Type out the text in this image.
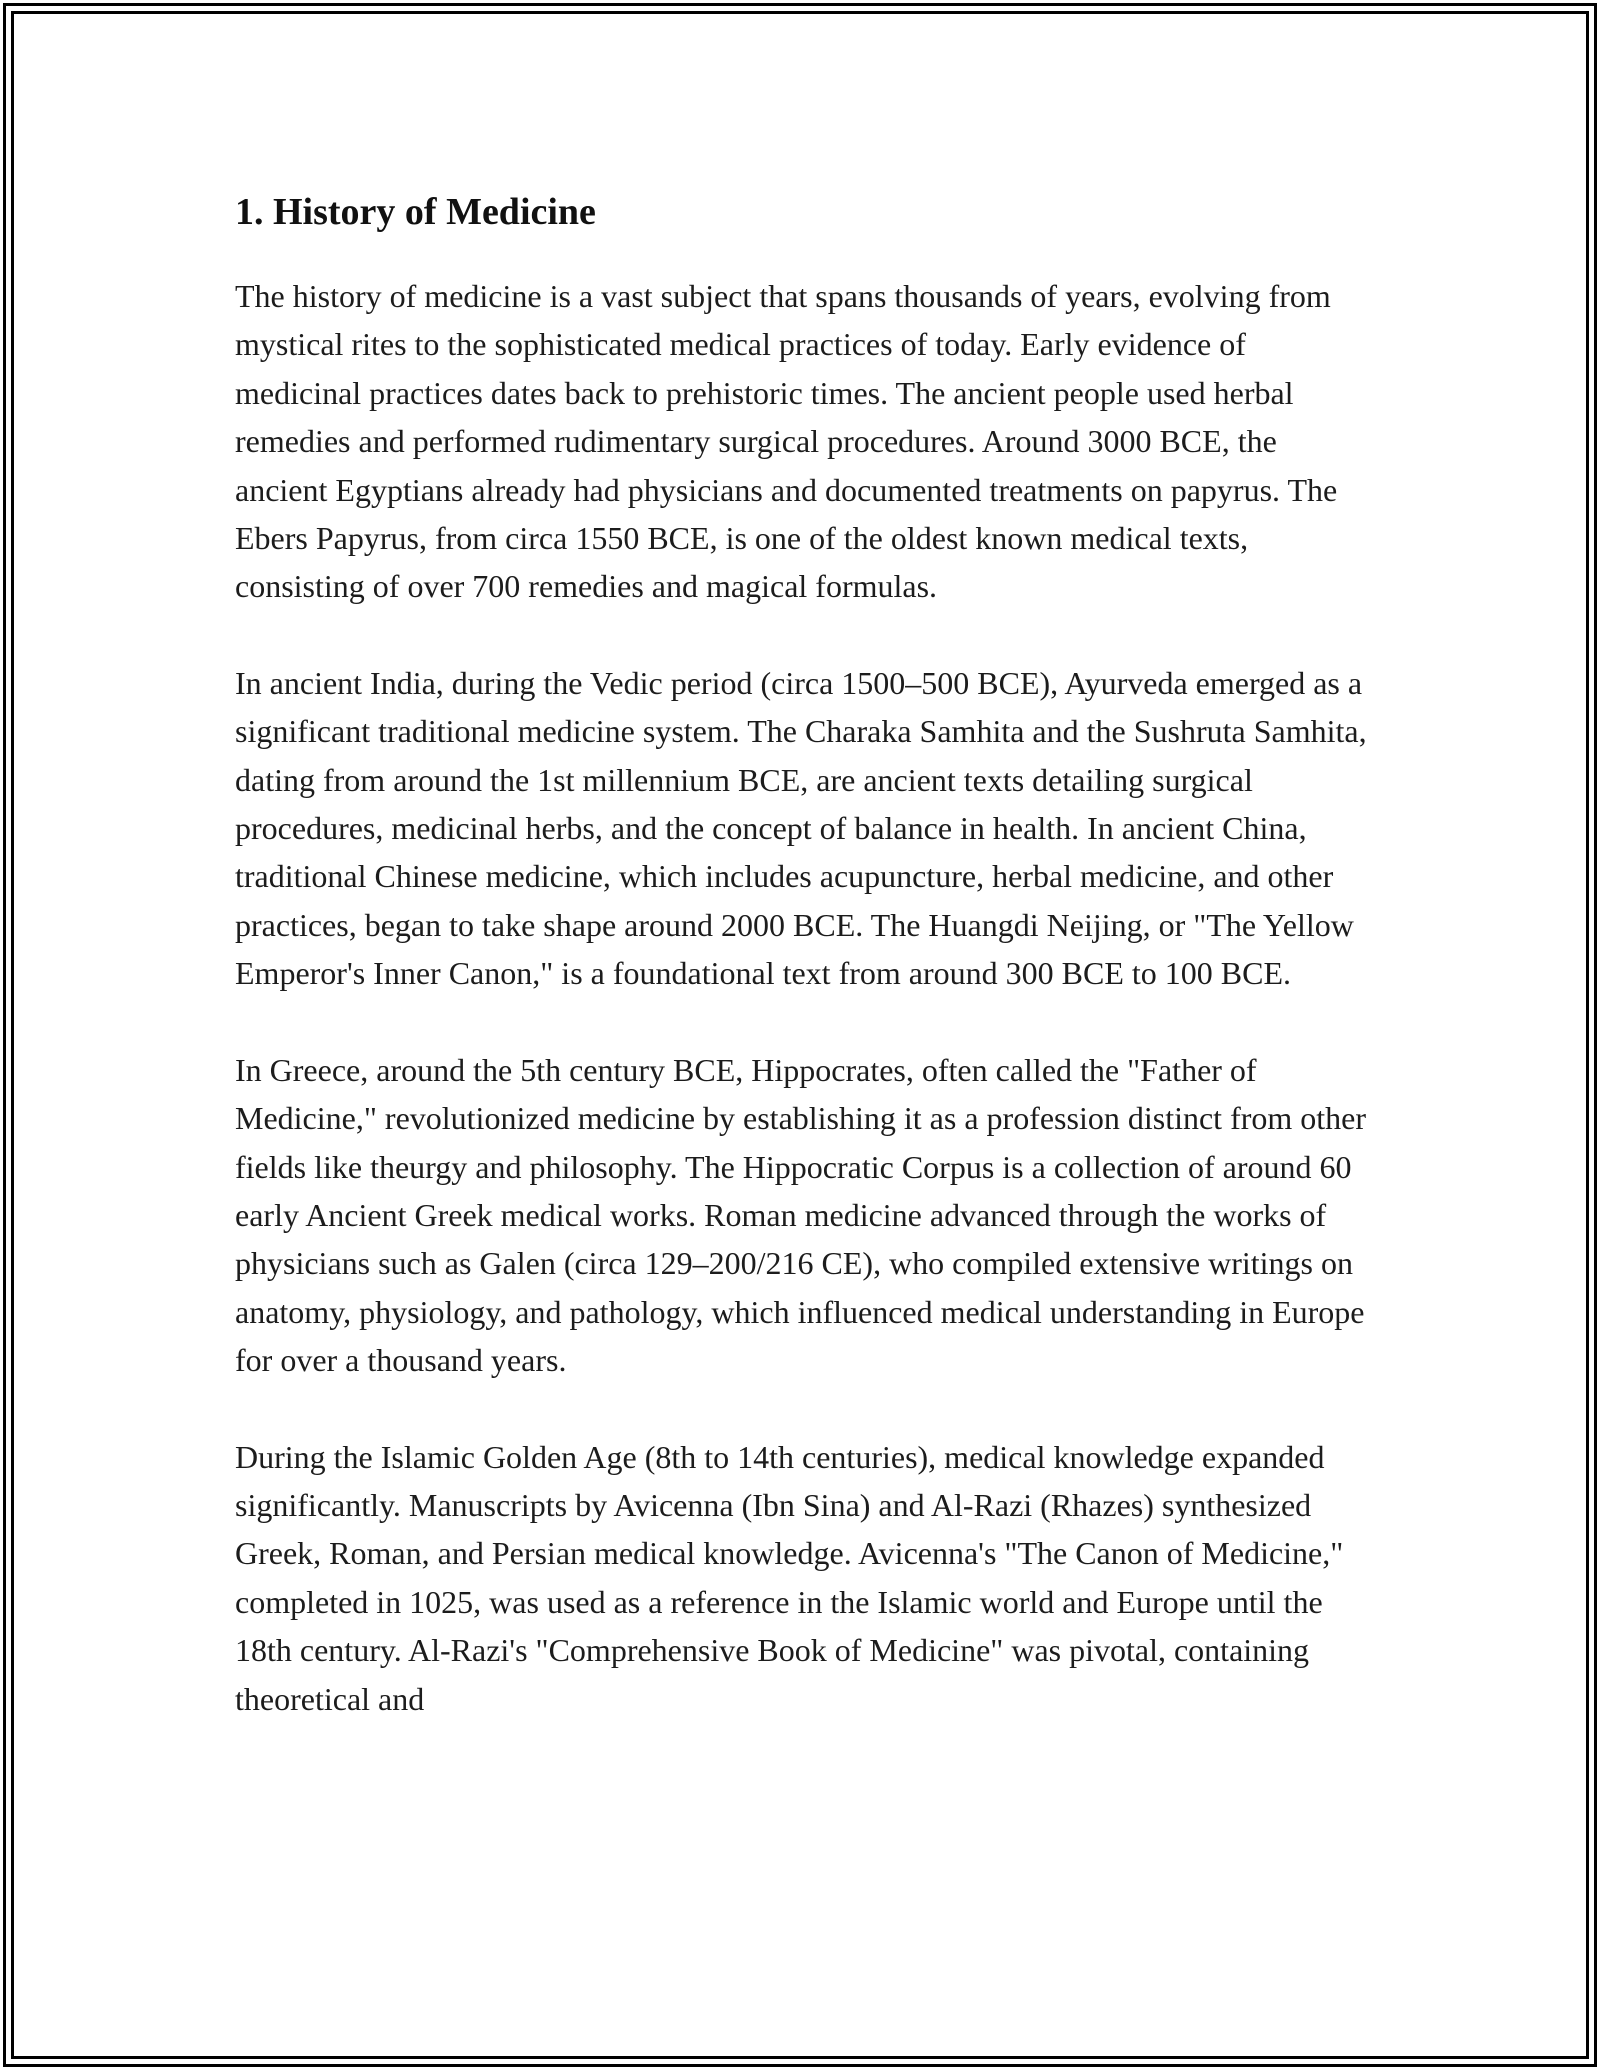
1. History of Medicine

The history of medicine is a vast subject that spans thousands of years, evolving from mystical rites to the sophisticated medical practices of today. Early evidence of medicinal practices dates back to prehistoric times. The ancient people used herbal remedies and performed rudimentary surgical procedures. Around 3000 BCE, the ancient Egyptians already had physicians and documented treatments on papyrus. The Ebers Papyrus, from circa 1550 BCE, is one of the oldest known medical texts, consisting of over 700 remedies and magical formulas.

In ancient India, during the Vedic period (circa 1500–500 BCE), Ayurveda emerged as a significant traditional medicine system. The Charaka Samhita and the Sushruta Samhita, dating from around the 1st millennium BCE, are ancient texts detailing surgical procedures, medicinal herbs, and the concept of balance in health. In ancient China, traditional Chinese medicine, which includes acupuncture, herbal medicine, and other practices, began to take shape around 2000 BCE. The Huangdi Neijing, or "The Yellow Emperor's Inner Canon," is a foundational text from around 300 BCE to 100 BCE.

In Greece, around the 5th century BCE, Hippocrates, often called the "Father of Medicine," revolutionized medicine by establishing it as a profession distinct from other fields like theurgy and philosophy. The Hippocratic Corpus is a collection of around 60 early Ancient Greek medical works. Roman medicine advanced through the works of physicians such as Galen (circa 129–200/216 CE), who compiled extensive writings on anatomy, physiology, and pathology, which influenced medical understanding in Europe for over a thousand years.

During the Islamic Golden Age (8th to 14th centuries), medical knowledge expanded significantly. Manuscripts by Avicenna (Ibn Sina) and Al-Razi (Rhazes) synthesized Greek, Roman, and Persian medical knowledge. Avicenna's "The Canon of Medicine," completed in 1025, was used as a reference in the Islamic world and Europe until the 18th century. Al-Razi's "Comprehensive Book of Medicine" was pivotal, containing theoretical and
